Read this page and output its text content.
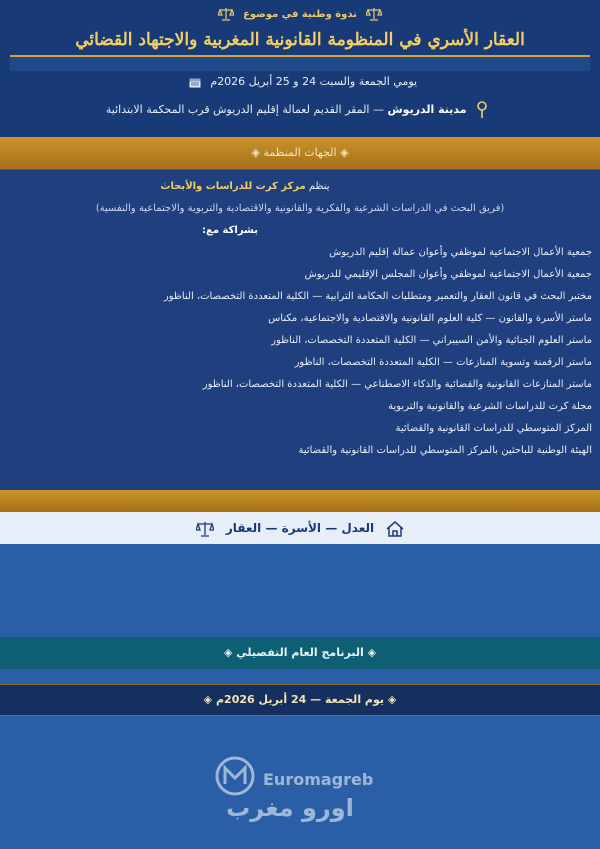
ندوة وطنية في موضوع
العقار الأسري في المنظومة القانونية المغربية والاجتهاد القضائي
يومي الجمعة والسبت 24 و 25 أبريل 2026م
مدينة الدريوش — المقر القديم لعمالة إقليم الدريوش قرب المحكمة الابتدائية
◈ الجهات المنظمة ◈
ينظم مركز كرت للدراسات والأبحاث
(فريق البحث في الدراسات الشرعية والفكرية والقانونية والاقتصادية والتربوية والاجتماعية والنفسية)
بشراكة مع:
جمعية الأعمال الاجتماعية لموظفي وأعوان عمالة إقليم الدريوش
جمعية الأعمال الاجتماعية لموظفي وأعوان المجلس الإقليمي للدريوش
مختبر البحث في قانون العقار والتعمير ومتطلبات الحكامة الترابية — الكلية المتعددة التخصصات، الناظور
ماستر الأسرة والقانون — كلية العلوم القانونية والاقتصادية والاجتماعية، مكناس
ماستر العلوم الجنائية والأمن السيبراني — الكلية المتعددة التخصصات، الناظور
ماستر الرقمنة وتسوية المنازعات — الكلية المتعددة التخصصات، الناظور
ماستر المنازعات القانونية والقضائية والذكاء الاصطناعي — الكلية المتعددة التخصصات، الناظور
مجلة كرت للدراسات الشرعية والقانونية والتربوية
المركز المتوسطي للدراسات القانونية والقضائية
الهيئة الوطنية للباحثين بالمركز المتوسطي للدراسات القانونية والقضائية
العدل — الأسرة — العقار
◈ البرنامج العام التفصيلي ◈
◈ يوم الجمعة — 24 أبريل 2026م ◈
Euromagreb
اورو مغرب
